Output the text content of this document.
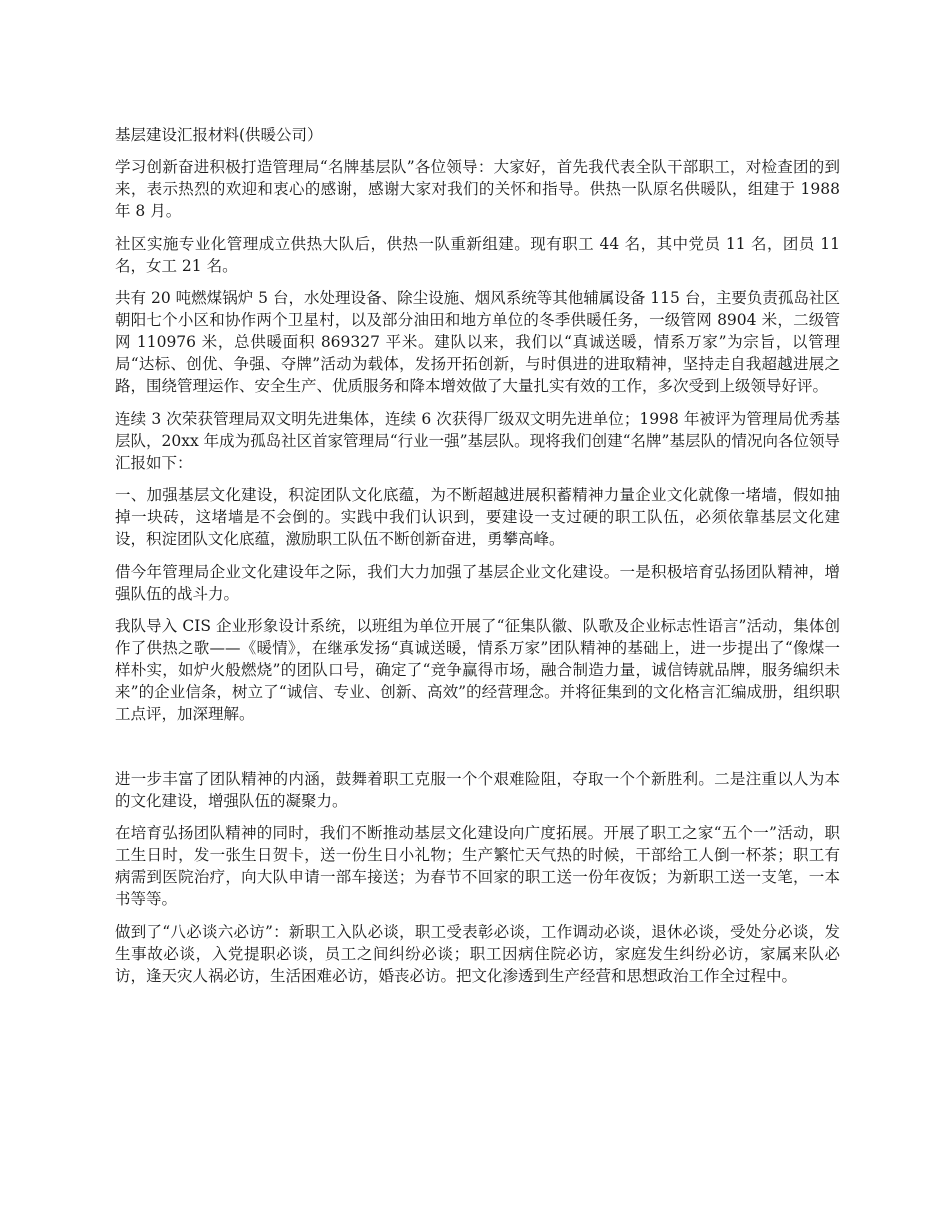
基层建设汇报材料(供暖公司）

学习创新奋进积极打造管理局“名牌基层队”各位领导：大家好，首先我代表全队干部职工，对检查团的到来，表示热烈的欢迎和衷心的感谢，感谢大家对我们的关怀和指导。供热一队原名供暖队，组建于 1988 年 8 月。

社区实施专业化管理成立供热大队后，供热一队重新组建。现有职工 44 名，其中党员 11 名，团员 11 名，女工 21 名。

共有 20 吨燃煤锅炉 5 台，水处理设备、除尘设施、烟风系统等其他辅属设备 115 台，主要负责孤岛社区朝阳七个小区和协作两个卫星村，以及部分油田和地方单位的冬季供暖任务，一级管网 8904 米，二级管网 110976 米，总供暖面积 869327 平米。建队以来，我们以“真诚送暖，情系万家”为宗旨，以管理局“达标、创优、争强、夺牌”活动为载体，发扬开拓创新，与时俱进的进取精神，坚持走自我超越进展之路，围绕管理运作、安全生产、优质服务和降本增效做了大量扎实有效的工作，多次受到上级领导好评。

连续 3 次荣获管理局双文明先进集体，连续 6 次获得厂级双文明先进单位；1998 年被评为管理局优秀基层队，20xx 年成为孤岛社区首家管理局“行业一强”基层队。现将我们创建“名牌”基层队的情况向各位领导汇报如下：

一、加强基层文化建设，积淀团队文化底蕴，为不断超越进展积蓄精神力量企业文化就像一堵墙，假如抽掉一块砖，这堵墙是不会倒的。实践中我们认识到，要建设一支过硬的职工队伍，必须依靠基层文化建设，积淀团队文化底蕴，激励职工队伍不断创新奋进，勇攀高峰。

借今年管理局企业文化建设年之际，我们大力加强了基层企业文化建设。一是积极培育弘扬团队精神，增强队伍的战斗力。

我队导入 CIS 企业形象设计系统，以班组为单位开展了“征集队徽、队歌及企业标志性语言”活动，集体创作了供热之歌——《暖情》，在继承发扬“真诚送暖，情系万家”团队精神的基础上，进一步提出了“像煤一样朴实，如炉火般燃烧”的团队口号，确定了“竞争赢得市场，融合制造力量，诚信铸就品牌，服务编织未来”的企业信条，树立了“诚信、专业、创新、高效”的经营理念。并将征集到的文化格言汇编成册，组织职工点评，加深理解。

进一步丰富了团队精神的内涵，鼓舞着职工克服一个个艰难险阻，夺取一个个新胜利。二是注重以人为本的文化建设，增强队伍的凝聚力。

在培育弘扬团队精神的同时，我们不断推动基层文化建设向广度拓展。开展了职工之家“五个一”活动，职工生日时，发一张生日贺卡，送一份生日小礼物；生产繁忙天气热的时候，干部给工人倒一杯茶；职工有病需到医院治疗，向大队申请一部车接送；为春节不回家的职工送一份年夜饭；为新职工送一支笔，一本书等等。

做到了“八必谈六必访”：新职工入队必谈，职工受表彰必谈，工作调动必谈，退休必谈，受处分必谈，发生事故必谈，入党提职必谈，员工之间纠纷必谈；职工因病住院必访，家庭发生纠纷必访，家属来队必访，逢天灾人祸必访，生活困难必访，婚丧必访。把文化渗透到生产经营和思想政治工作全过程中。
